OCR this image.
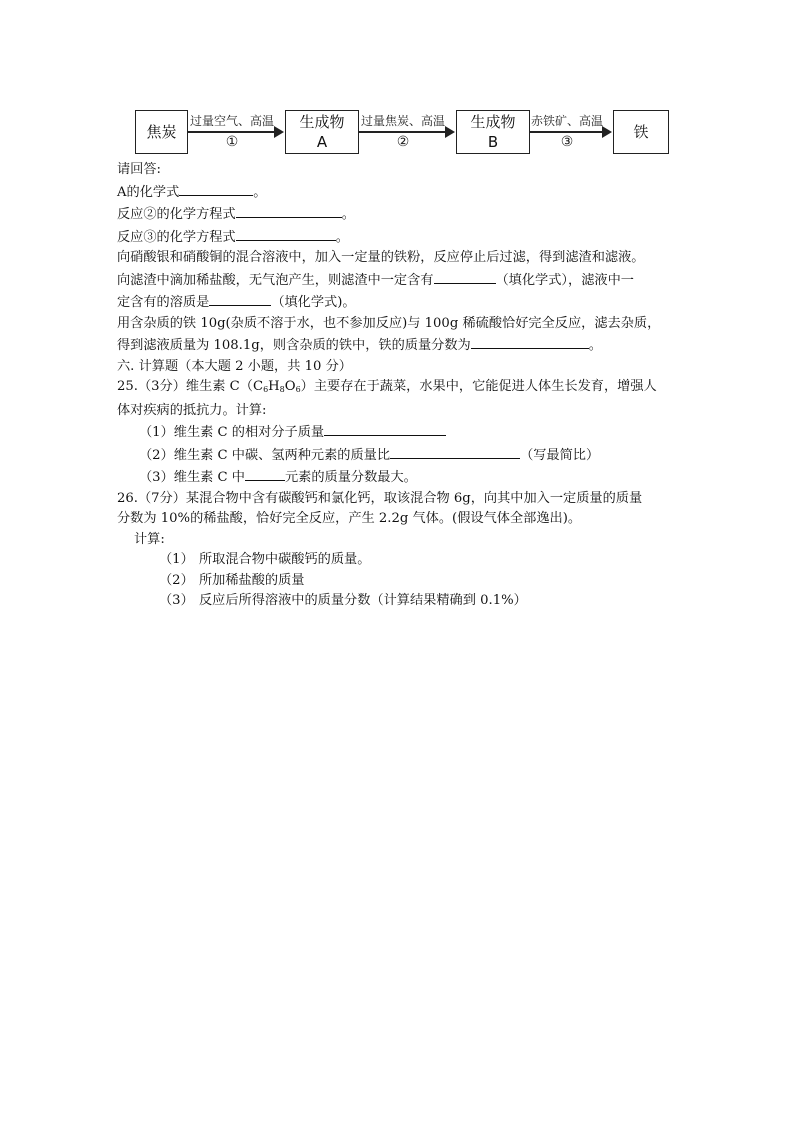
焦炭
过量空气、高温
①
生成物
A
过量焦炭、高温
②
生成物
B
赤铁矿、高温
③
铁

请回答:

A的化学式	。

反应②的化学方程式	。

反应③的化学方程式	。

向硝酸银和硝酸铜的混合溶液中，加入一定量的铁粉，反应停止后过滤，得到滤渣和滤液。

向滤渣中滴加稀盐酸，无气泡产生，则滤渣中一定含有	（填化学式），滤液中一

定含有的溶质是	（填化学式)。

用含杂质的铁 10g(杂质不溶于水，也不参加反应)与 100g 稀硫酸恰好完全反应，滤去杂质，

得到滤液质量为 108.1g，则含杂质的铁中，铁的质量分数为	。

六. 计算题（本大题 2 小题，共 10 分）

25.（3分）维生素 $C(C_6H_8O_6)$主要存在于蔬菜，水果中，它能促进人体生长发育，增强人

体对疾病的抵抗力。计算:

（1）维生素 C 的相对分子质量

（2）维生素 C 中碳、氢两种元素的质量比	（写最简比）

（3）维生素 C 中	元素的质量分数最大。

26.（7分）某混合物中含有碳酸钙和氯化钙，取该混合物 6g，向其中加入一定质量的质量

分数为 10%的稀盐酸，恰好完全反应，产生 2.2g 气体。(假设气体全部逸出)。

计算:

（1） 所取混合物中碳酸钙的质量。

（2） 所加稀盐酸的质量

（3） 反应后所得溶液中的质量分数（计算结果精确到 0.1%）
